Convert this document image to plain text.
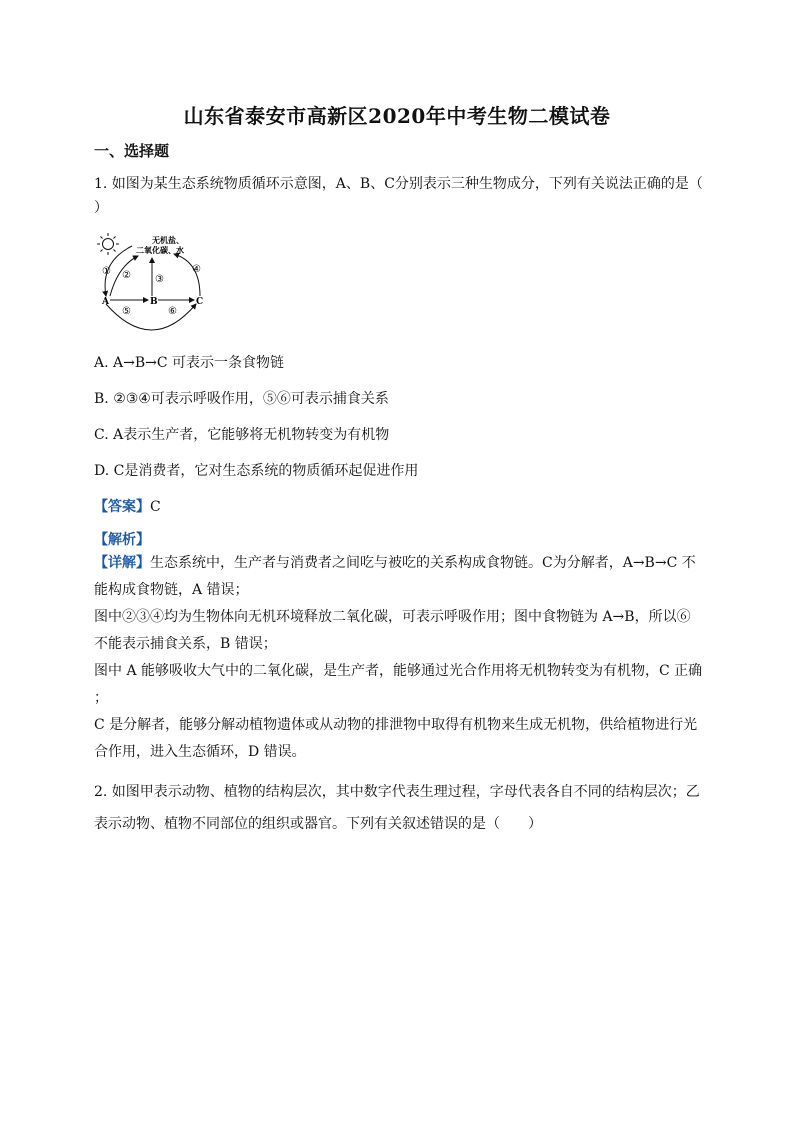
山东省泰安市高新区2020年中考生物二模试卷
一、选择题
1. 如图为某生态系统物质循环示意图，A、B、C分别表示三种生物成分，下列有关说法正确的是（
）
无机盐、
二氧化碳、水
A	B	C
① ② ③
④
⑤	⑥
A. A→B→C 可表示一条食物链
B. ②③④可表示呼吸作用，⑤⑥可表示捕食关系
C. A表示生产者，它能够将无机物转变为有机物
D. C是消费者，它对生态系统的物质循环起促进作用
【答案】C
【解析】
【详解】生态系统中，生产者与消费者之间吃与被吃的关系构成食物链。C为分解者，A→B→C 不
能构成食物链，A 错误；
图中②③④均为生物体向无机环境释放二氧化碳，可表示呼吸作用；图中食物链为 A→B，所以⑥
不能表示捕食关系，B 错误；
图中 A 能够吸收大气中的二氧化碳，是生产者，能够通过光合作用将无机物转变为有机物，C 正确
；
C 是分解者，能够分解动植物遗体或从动物的排泄物中取得有机物来生成无机物，供给植物进行光
合作用，进入生态循环，D 错误。
2. 如图甲表示动物、植物的结构层次，其中数字代表生理过程，字母代表各自不同的结构层次；乙
表示动物、植物不同部位的组织或器官。下列有关叙述错误的是（　　）
